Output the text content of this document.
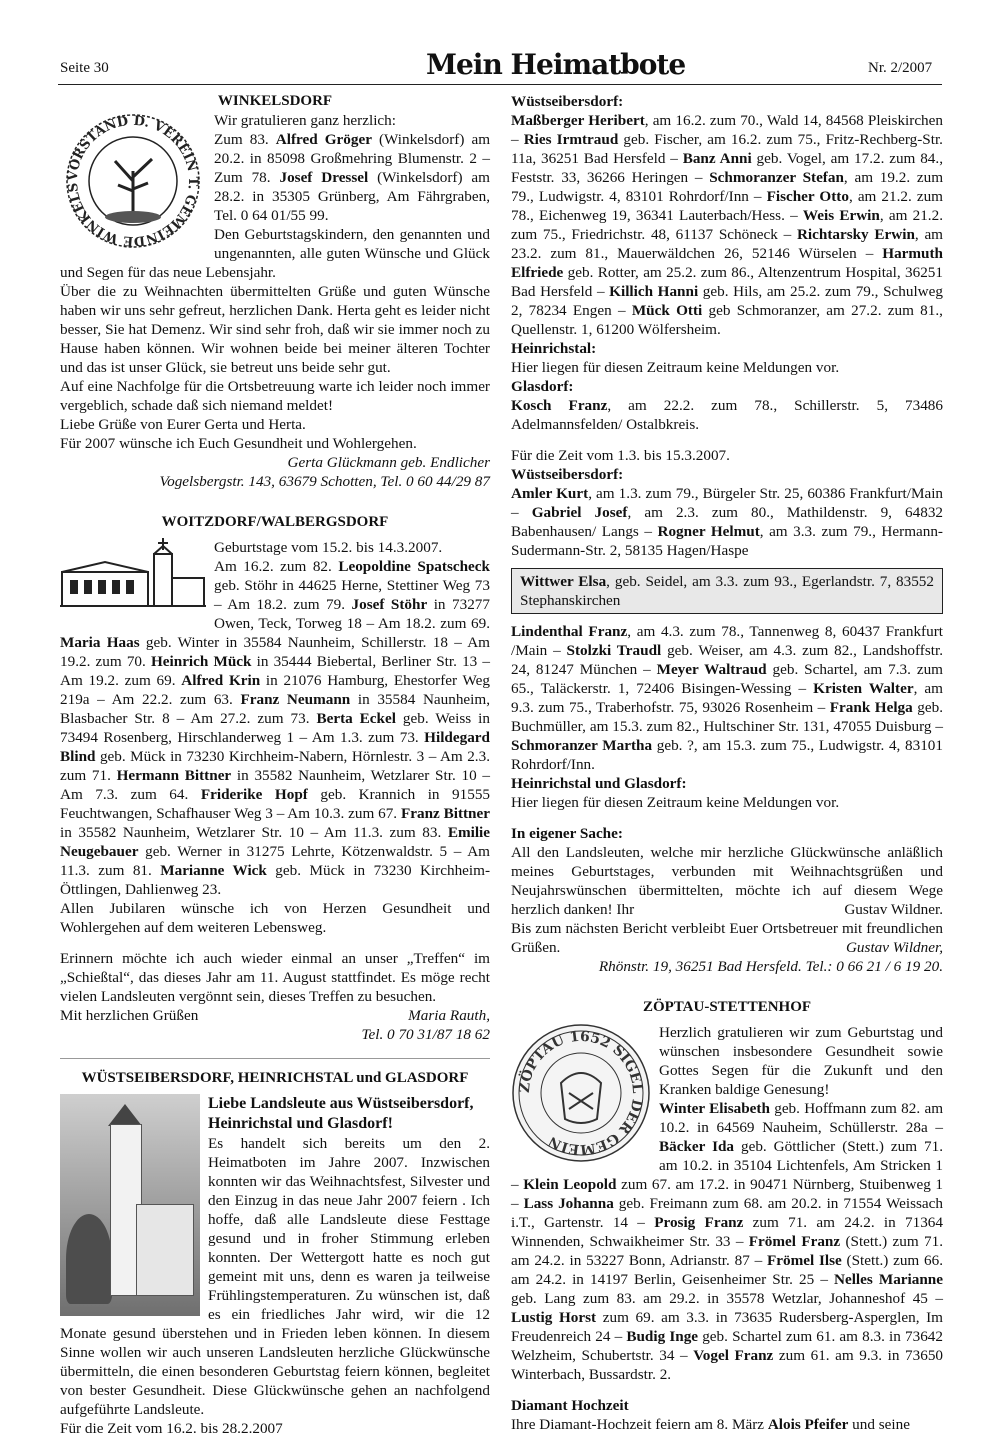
Seite 30	Mein Heimatbote	Nr. 2/2007

WINKELSDORF

VORSTAND D. VEREIN T. GEMEINDE WINKELS

Wir gratulieren ganz herzlich:

Zum 83. Alfred Gröger (Winkelsdorf) am 20.2. in 85098 Großmehring Blumenstr. 2 – Zum 78. Josef Dressel (Winkelsdorf) am 28.2. in 35305 Grünberg, Am Fährgraben, Tel. 0 64 01/55 99.

Den Geburtstagskindern, den genannten und ungenannten, alle guten Wünsche und Glück und Segen für das neue Lebensjahr.

Über die zu Weihnachten übermittelten Grüße und guten Wünsche haben wir uns sehr gefreut, herzlichen Dank. Herta geht es leider nicht besser, Sie hat Demenz. Wir sind sehr froh, daß wir sie immer noch zu Hause haben können. Wir wohnen beide bei meiner älteren Tochter und das ist unser Glück, sie betreut uns beide sehr gut.

Auf eine Nachfolge für die Ortsbetreuung warte ich leider noch immer vergeblich, schade daß sich niemand meldet!

Liebe Grüße von Eurer Gerta und Herta.

Für 2007 wünsche ich Euch Gesundheit und Wohlergehen.

Gerta Glückmann geb. Endlicher

Vogelsbergstr. 143, 63679 Schotten, Tel. 0 60 44/29 87

WOITZDORF/WALBERGSDORF

Geburtstage vom 15.2. bis 14.3.2007.

Am 16.2. zum 82. Leopoldine Spatscheck geb. Stöhr in 44625 Herne, Stettiner Weg 73 – Am 18.2. zum 79. Josef Stöhr in 73277 Owen, Teck, Torweg 18 – Am 18.2. zum 69. Maria Haas geb. Winter in 35584 Naunheim, Schillerstr. 18 – Am 19.2. zum 70. Heinrich Mück in 35444 Biebertal, Berliner Str. 13 – Am 19.2. zum 69. Alfred Krin in 21076 Hamburg, Ehestorfer Weg 219a – Am 22.2. zum 63. Franz Neumann in 35584 Naunheim, Blasbacher Str. 8 – Am 27.2. zum 73. Berta Eckel geb. Weiss in 73494 Rosenberg, Hirschlanderweg 1 – Am 1.3. zum 73. Hildegard Blind geb. Mück in 73230 Kirchheim-Nabern, Hörnlestr. 3 – Am 2.3. zum 71. Hermann Bittner in 35582 Naunheim, Wetzlarer Str. 10 – Am 7.3. zum 64. Friderike Hopf geb. Krannich in 91555 Feuchtwangen, Schafhauser Weg 3 – Am 10.3. zum 67. Franz Bittner in 35582 Naunheim, Wetzlarer Str. 10 – Am 11.3. zum 83. Emilie Neugebauer geb. Werner in 31275 Lehrte, Kötzenwaldstr. 5 – Am 11.3. zum 81. Marianne Wick geb. Mück in 73230 Kirchheim-Öttlingen, Dahlienweg 23.

Allen Jubilaren wünsche ich von Herzen Gesundheit und Wohlergehen auf dem weiteren Lebensweg.

Erinnern möchte ich auch wieder einmal an unser „Treffen“ im „Schießtal“, das dieses Jahr am 11. August stattfindet. Es möge recht vielen Landsleuten vergönnt sein, dieses Treffen zu besuchen.

Mit herzlichen Grüßen	Maria Rauth,

Tel. 0 70 31/87 18 62

WÜSTSEIBERSDORF, HEINRICHSTAL und GLASDORF

Liebe Landsleute aus Wüstseibersdorf, Heinrichstal und Glasdorf!

Es handelt sich bereits um den 2. Heimatboten im Jahre 2007. Inzwischen konnten wir das Weihnachtsfest, Silvester und den Einzug in das neue Jahr 2007 feiern . Ich hoffe, daß alle Landsleute diese Festtage gesund und in froher Stimmung erleben konnten. Der Wettergott hatte es noch gut gemeint mit uns, denn es waren ja teilweise Frühlingstemperaturen. Zu wünschen ist, daß es ein friedliches Jahr wird, wir die 12 Monate gesund überstehen und in Frieden leben können. In diesem Sinne wollen wir auch unseren Landsleuten herzliche Glückwünsche übermitteln, die einen besonderen Geburtstag feiern können, begleitet von bester Gesundheit. Diese Glückwünsche gehen an nachfolgend aufgeführte Landsleute.

Für die Zeit vom 16.2. bis 28.2.2007

Wüstseibersdorf:

Maßberger Heribert, am 16.2. zum 70., Wald 14, 84568 Pleiskirchen – Ries Irmtraud geb. Fischer, am 16.2. zum 75., Fritz-Rechberg-Str. 11a, 36251 Bad Hersfeld – Banz Anni geb. Vogel, am 17.2. zum 84., Feststr. 33, 36266 Heringen – Schmoranzer Stefan, am 19.2. zum 79., Ludwigstr. 4, 83101 Rohrdorf/Inn – Fischer Otto, am 21.2. zum 78., Eichenweg 19, 36341 Lauterbach/Hess. – Weis Erwin, am 21.2. zum 75., Friedrichstr. 48, 61137 Schöneck – Richtarsky Erwin, am 23.2. zum 81., Mauerwäldchen 26, 52146 Würselen – Harmuth Elfriede geb. Rotter, am 25.2. zum 86., Altenzentrum Hospital, 36251 Bad Hersfeld – Killich Hanni geb. Hils, am 25.2. zum 79., Schulweg 2, 78234 Engen – Mück Otti geb Schmoranzer, am 27.2. zum 81., Quellenstr. 1, 61200 Wölfersheim.

Heinrichstal:

Hier liegen für diesen Zeitraum keine Meldungen vor.

Glasdorf:

Kosch Franz, am 22.2. zum 78., Schillerstr. 5, 73486 Adelmannsfelden/ Ostalbkreis.

Für die Zeit vom 1.3. bis 15.3.2007.

Wüstseibersdorf:

Amler Kurt, am 1.3. zum 79., Bürgeler Str. 25, 60386 Frankfurt/Main – Gabriel Josef, am 2.3. zum 80., Mathildenstr. 9, 64832 Babenhausen/ Langs – Rogner Helmut, am 3.3. zum 79., Hermann-Sudermann-Str. 2, 58135 Hagen/Haspe

Wittwer Elsa, geb. Seidel, am 3.3. zum 93., Egerlandstr. 7, 83552 Stephanskirchen

Lindenthal Franz, am 4.3. zum 78., Tannenweg 8, 60437 Frankfurt /Main – Stolzki Traudl geb. Weiser, am 4.3. zum 82., Landshoffstr. 24, 81247 München – Meyer Waltraud geb. Schartel, am 7.3. zum 65., Taläckerstr. 1, 72406 Bisingen-Wessing – Kristen Walter, am 9.3. zum 75., Traberhofstr. 75, 93026 Rosenheim – Frank Helga geb. Buchmüller, am 15.3. zum 82., Hultschiner Str. 131, 47055 Duisburg – Schmoranzer Martha geb. ?, am 15.3. zum 75., Ludwigstr. 4, 83101 Rohrdorf/Inn.

Heinrichstal und Glasdorf:

Hier liegen für diesen Zeitraum keine Meldungen vor.

In eigener Sache:

All den Landsleuten, welche mir herzliche Glückwünsche anläßlich meines Geburtstages, verbunden mit Weihnachtsgrüßen und Neujahrswünschen übermittelten, möchte ich auf diesem Wege herzlich danken! Ihr	Gustav Wildner.

Bis zum nächsten Bericht verbleibt Euer Ortsbetreuer mit freundlichen Grüßen.	Gustav Wildner,

Rhönstr. 19, 36251 Bad Hersfeld. Tel.: 0 66 21 / 6 19 20.

ZÖPTAU-STETTENHOF

ZÖPTAU 1652 SIGEL DER GEMEIN

Herzlich gratulieren wir zum Geburtstag und wünschen insbesondere Gesundheit sowie Gottes Segen für die Zukunft und den Kranken baldige Genesung!

Winter Elisabeth geb. Hoffmann zum 82. am 10.2. in 64569 Nauheim, Schüllerstr. 28a – Bäcker Ida geb. Göttlicher (Stett.) zum 71. am 10.2. in 35104 Lichtenfels, Am Stricken 1 – Klein Leopold zum 67. am 17.2. in 90471 Nürnberg, Stuibenweg 1 – Lass Johanna geb. Freimann zum 68. am 20.2. in 71554 Weissach i.T., Gartenstr. 14 – Prosig Franz zum 71. am 24.2. in 71364 Winnenden, Schwaikheimer Str. 33 – Frömel Franz (Stett.) zum 71. am 24.2. in 53227 Bonn, Adrianstr. 87 – Frömel Ilse (Stett.) zum 66. am 24.2. in 14197 Berlin, Geisenheimer Str. 25 – Nelles Marianne geb. Lang zum 83. am 29.2. in 35578 Wetzlar, Johanneshof 45 – Lustig Horst zum 69. am 3.3. in 73635 Rudersberg-Asperglen, Im Freudenreich 24 – Budig Inge geb. Schartel zum 61. am 8.3. in 73642 Welzheim, Schubertstr. 34 – Vogel Franz zum 61. am 9.3. in 73650 Winterbach, Bussardstr. 2.

Diamant Hochzeit

Ihre Diamant-Hochzeit feiern am 8. März Alois Pfeifer und seine
